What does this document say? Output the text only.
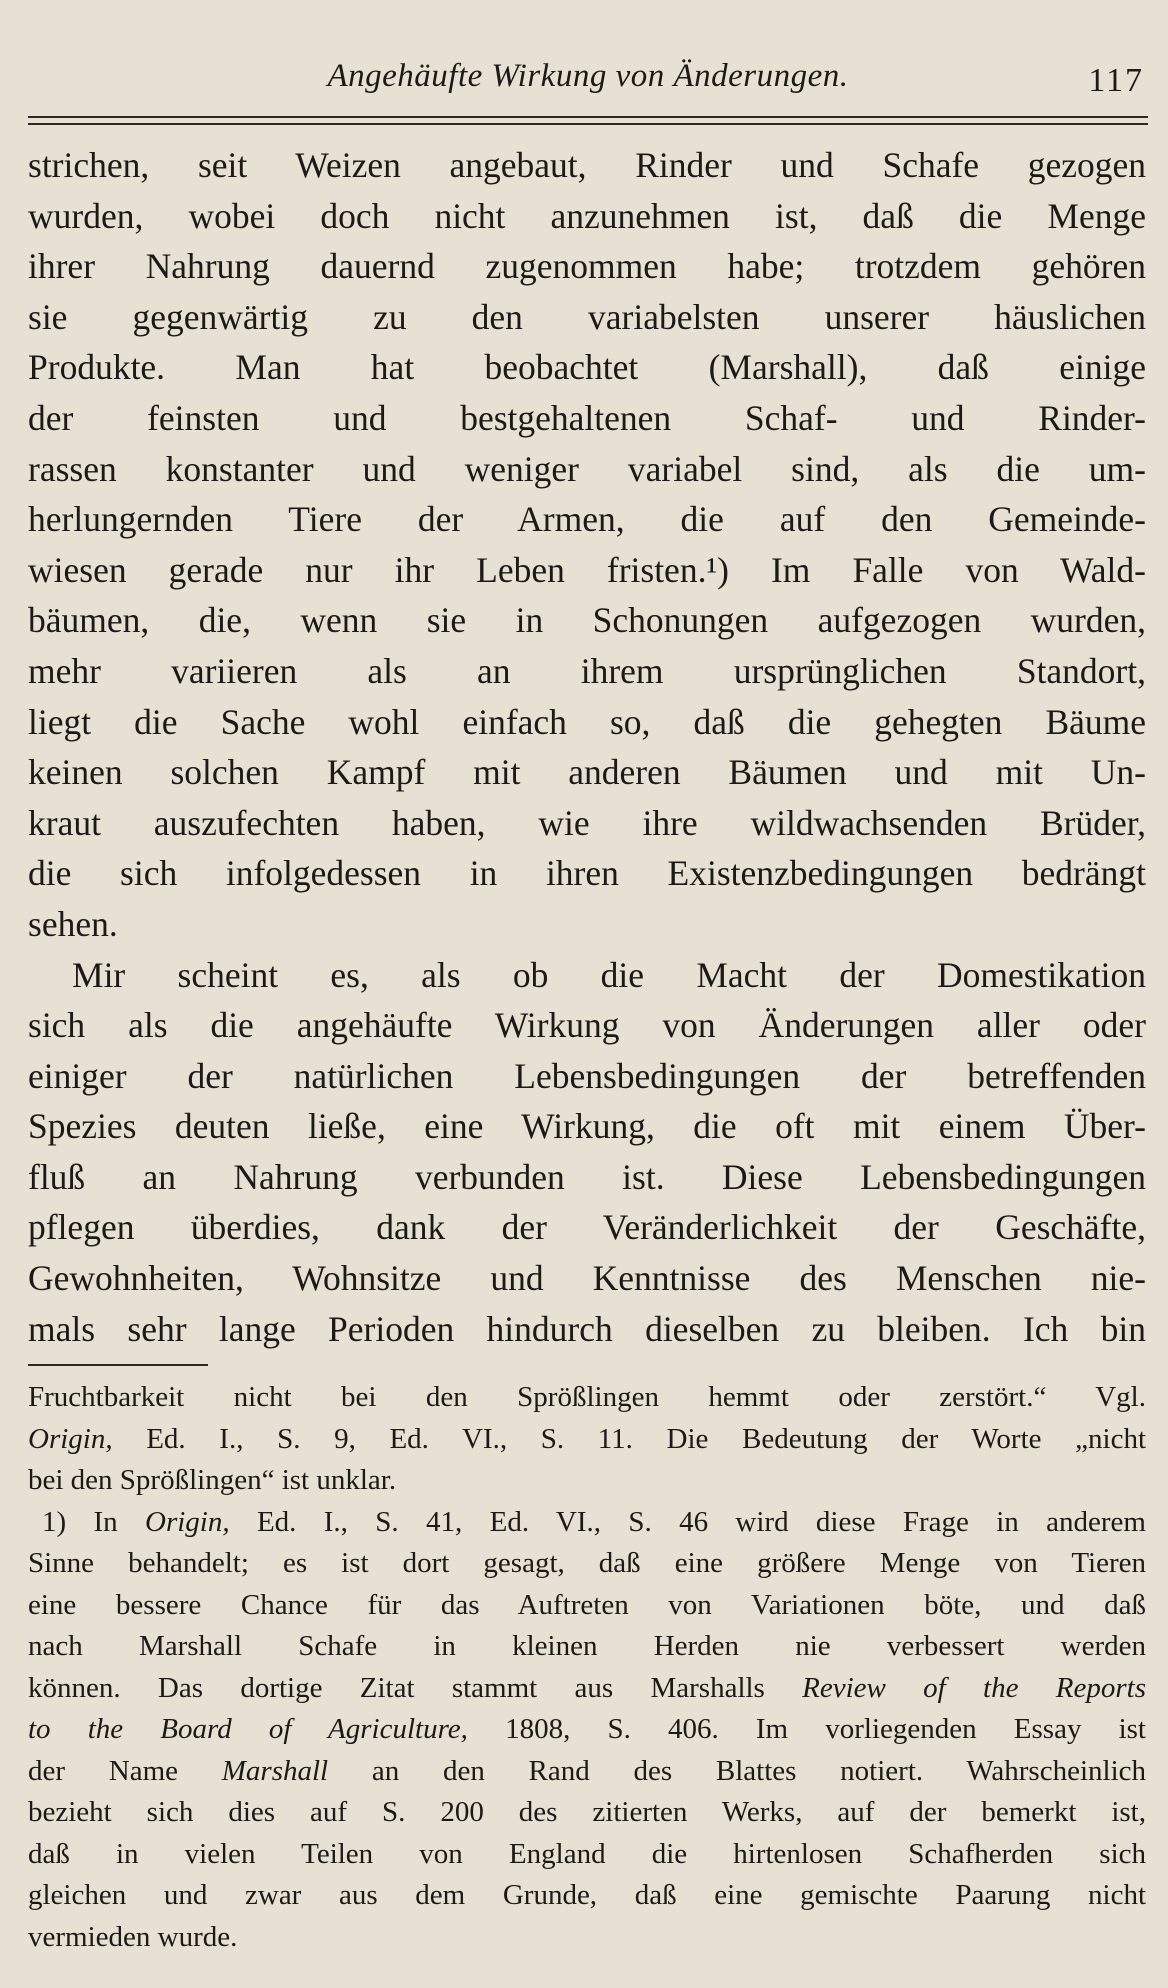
Angehäufte Wirkung von Änderungen.	117
strichen, seit Weizen angebaut, Rinder und Schafe gezogen
wurden, wobei doch nicht anzunehmen ist, daß die Menge
ihrer Nahrung dauernd zugenommen habe; trotzdem gehören
sie gegenwärtig zu den variabelsten unserer häuslichen
Produkte. Man hat beobachtet (Marshall), daß einige
der feinsten und bestgehaltenen Schaf- und Rinder-
rassen konstanter und weniger variabel sind, als die um-
herlungernden Tiere der Armen, die auf den Gemeinde-
wiesen gerade nur ihr Leben fristen.¹) Im Falle von Wald-
bäumen, die, wenn sie in Schonungen aufgezogen wurden,
mehr variieren als an ihrem ursprünglichen Standort,
liegt die Sache wohl einfach so, daß die gehegten Bäume
keinen solchen Kampf mit anderen Bäumen und mit Un-
kraut auszufechten haben, wie ihre wildwachsenden Brüder,
die sich infolgedessen in ihren Existenzbedingungen bedrängt
sehen.
Mir scheint es, als ob die Macht der Domestikation
sich als die angehäufte Wirkung von Änderungen aller oder
einiger der natürlichen Lebensbedingungen der betreffenden
Spezies deuten ließe, eine Wirkung, die oft mit einem Über-
fluß an Nahrung verbunden ist. Diese Lebensbedingungen
pflegen überdies, dank der Veränderlichkeit der Geschäfte,
Gewohnheiten, Wohnsitze und Kenntnisse des Menschen nie-
mals sehr lange Perioden hindurch dieselben zu bleiben. Ich bin
Fruchtbarkeit nicht bei den Sprößlingen hemmt oder zerstört.“ Vgl.
Origin, Ed. I., S. 9, Ed. VI., S. 11. Die Bedeutung der Worte „nicht
bei den Sprößlingen“ ist unklar.
1) In Origin, Ed. I., S. 41, Ed. VI., S. 46 wird diese Frage in anderem
Sinne behandelt; es ist dort gesagt, daß eine größere Menge von Tieren
eine bessere Chance für das Auftreten von Variationen böte, und daß
nach Marshall Schafe in kleinen Herden nie verbessert werden
können. Das dortige Zitat stammt aus Marshalls Review of the Reports
to the Board of Agriculture, 1808, S. 406. Im vorliegenden Essay ist
der Name Marshall an den Rand des Blattes notiert. Wahrscheinlich
bezieht sich dies auf S. 200 des zitierten Werks, auf der bemerkt ist,
daß in vielen Teilen von England die hirtenlosen Schafherden sich
gleichen und zwar aus dem Grunde, daß eine gemischte Paarung nicht
vermieden wurde.
